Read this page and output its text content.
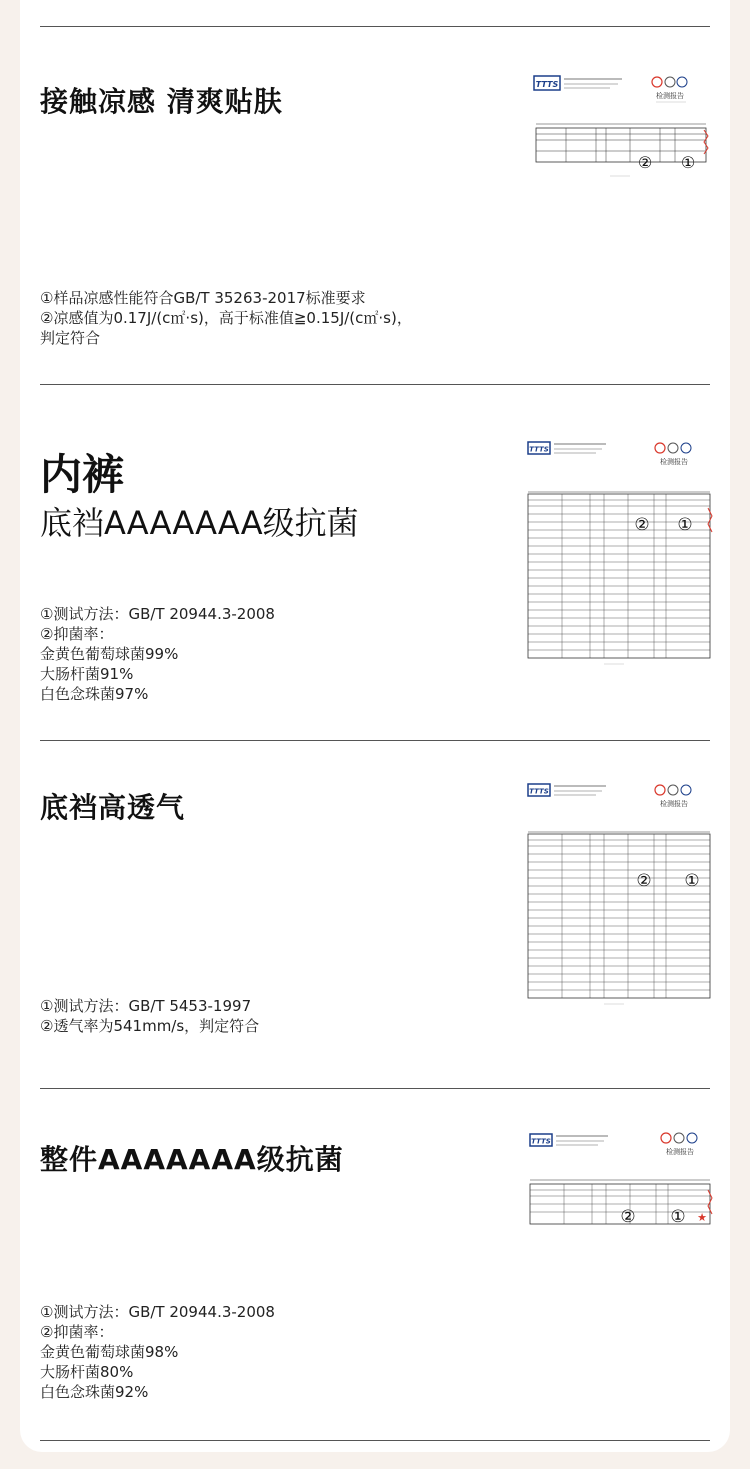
接触凉感 清爽贴肤
TTTS
检测报告
② ①
①样品凉感性能符合GB/T 35263-2017标准要求
②凉感值为0.17J/(c㎡·s)，高于标准值≧0.15J/(c㎡·s)，
判定符合
内裤
底裆AAAAAAA级抗菌
TTTS
检测报告
② ①
①测试方法：GB/T 20944.3-2008
②抑菌率：
金黄色葡萄球菌99%
大肠杆菌91%
白色念珠菌97%
底裆高透气	TTTS
检测报告
② ①
①测试方法：GB/T 5453-1997
②透气率为541mm/s，判定符合
整件AAAAAAA级抗菌
TTTS
检测报告
② ① ★
①测试方法：GB/T 20944.3-2008
②抑菌率：
金黄色葡萄球菌98%
大肠杆菌80%
白色念珠菌92%
